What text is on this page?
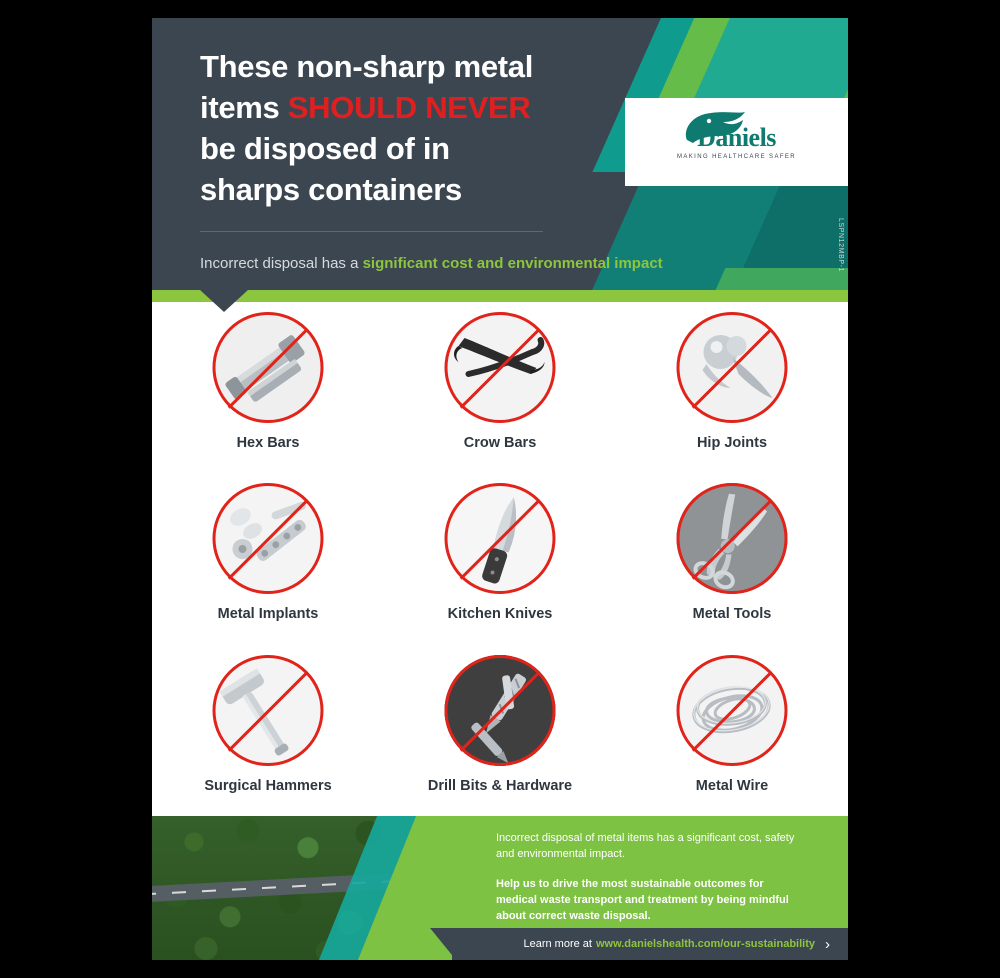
These non-sharp metal
items SHOULD NEVER
be disposed of in
sharps containers
Incorrect disposal has a significant cost and environmental impact
Daniels
MAKING HEALTHCARE SAFER
LSPN12MBP-1
Hex Bars	Crow Bars	Hip Joints
Metal Implants	Kitchen Knives	Metal Tools
Surgical Hammers	Drill Bits & Hardware	Metal Wire
Incorrect disposal of metal items has a significant cost, safety and environmental impact.
Help us to drive the most sustainable outcomes for medical waste transport and treatment by being mindful about correct waste disposal.
Learn more at www.danielshealth.com/our-sustainability ›
